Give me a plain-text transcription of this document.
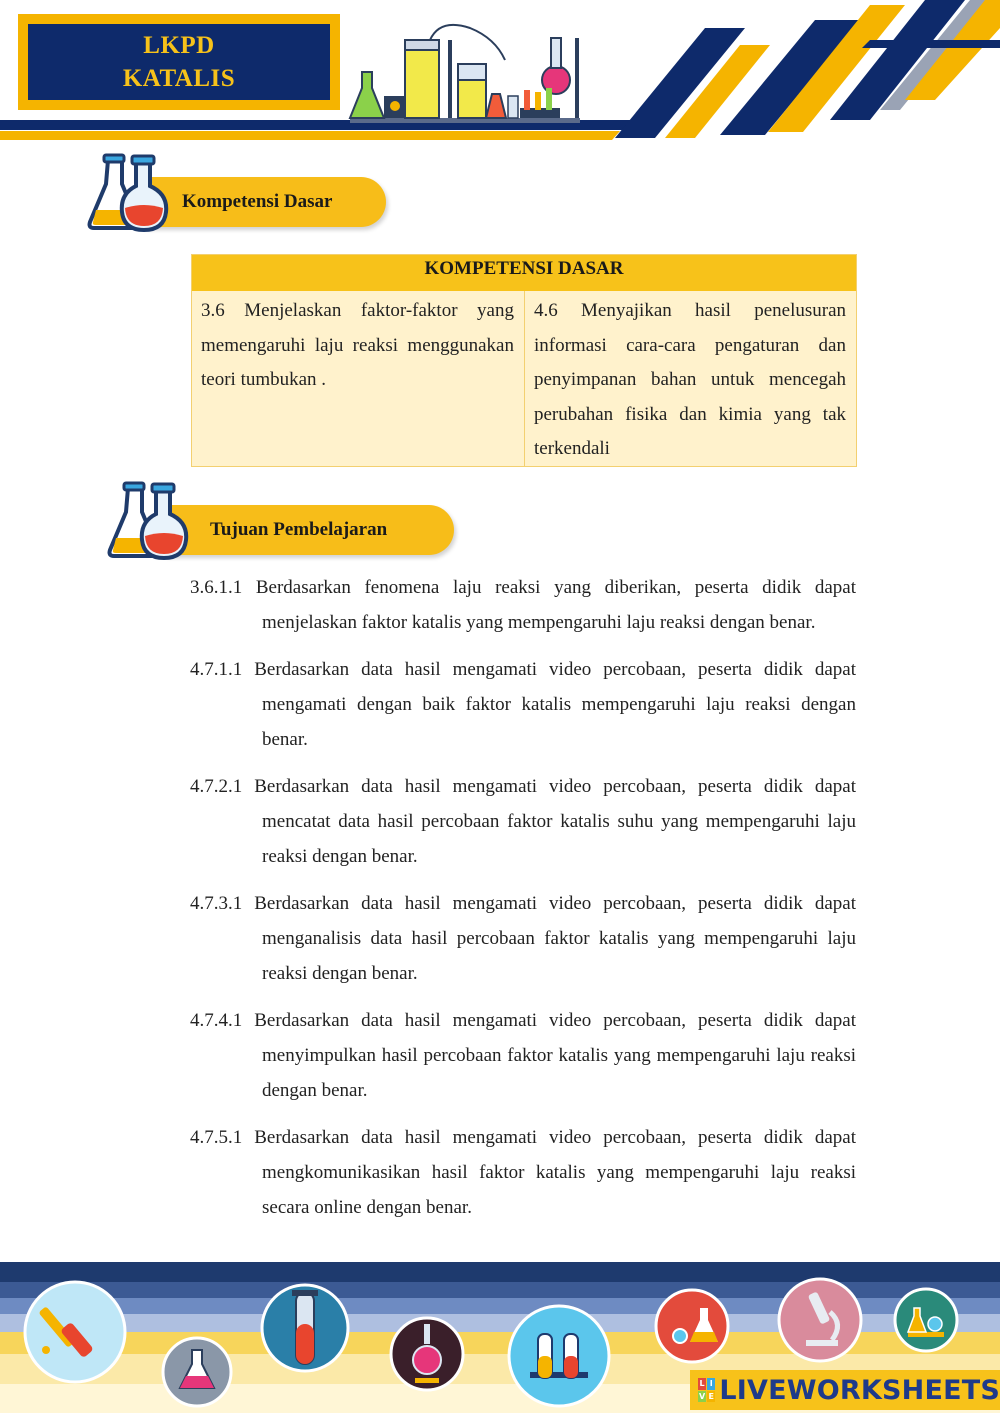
LKPD
KATALIS
Kompetensi Dasar
KOMPETENSI DASAR
3.6 Menjelaskan faktor-faktor yang memengaruhi laju reaksi menggunakan teori tumbukan .
4.6 Menyajikan hasil penelusuran informasi cara-cara pengaturan dan penyimpanan bahan untuk mencegah perubahan fisika dan kimia yang tak terkendali
Tujuan Pembelajaran

3.6.1.1 Berdasarkan fenomena laju reaksi yang diberikan, peserta didik dapat menjelaskan faktor katalis yang mempengaruhi laju reaksi dengan benar.

4.7.1.1 Berdasarkan data hasil mengamati video percobaan, peserta didik dapat mengamati dengan baik faktor katalis mempengaruhi laju reaksi dengan benar.

4.7.2.1 Berdasarkan data hasil mengamati video percobaan, peserta didik dapat mencatat data hasil percobaan faktor katalis suhu yang mempengaruhi laju reaksi dengan benar.

4.7.3.1 Berdasarkan data hasil mengamati video percobaan, peserta didik dapat menganalisis data hasil percobaan faktor katalis yang mempengaruhi laju reaksi dengan benar.

4.7.4.1 Berdasarkan data hasil mengamati video percobaan, peserta didik dapat menyimpulkan hasil percobaan faktor katalis yang mempengaruhi laju reaksi dengan benar.

4.7.5.1 Berdasarkan data hasil mengamati video percobaan, peserta didik dapat mengkomunikasikan hasil faktor katalis yang mempengaruhi laju reaksi secara online dengan benar.

L I
V E LIVEWORKSHEETS
